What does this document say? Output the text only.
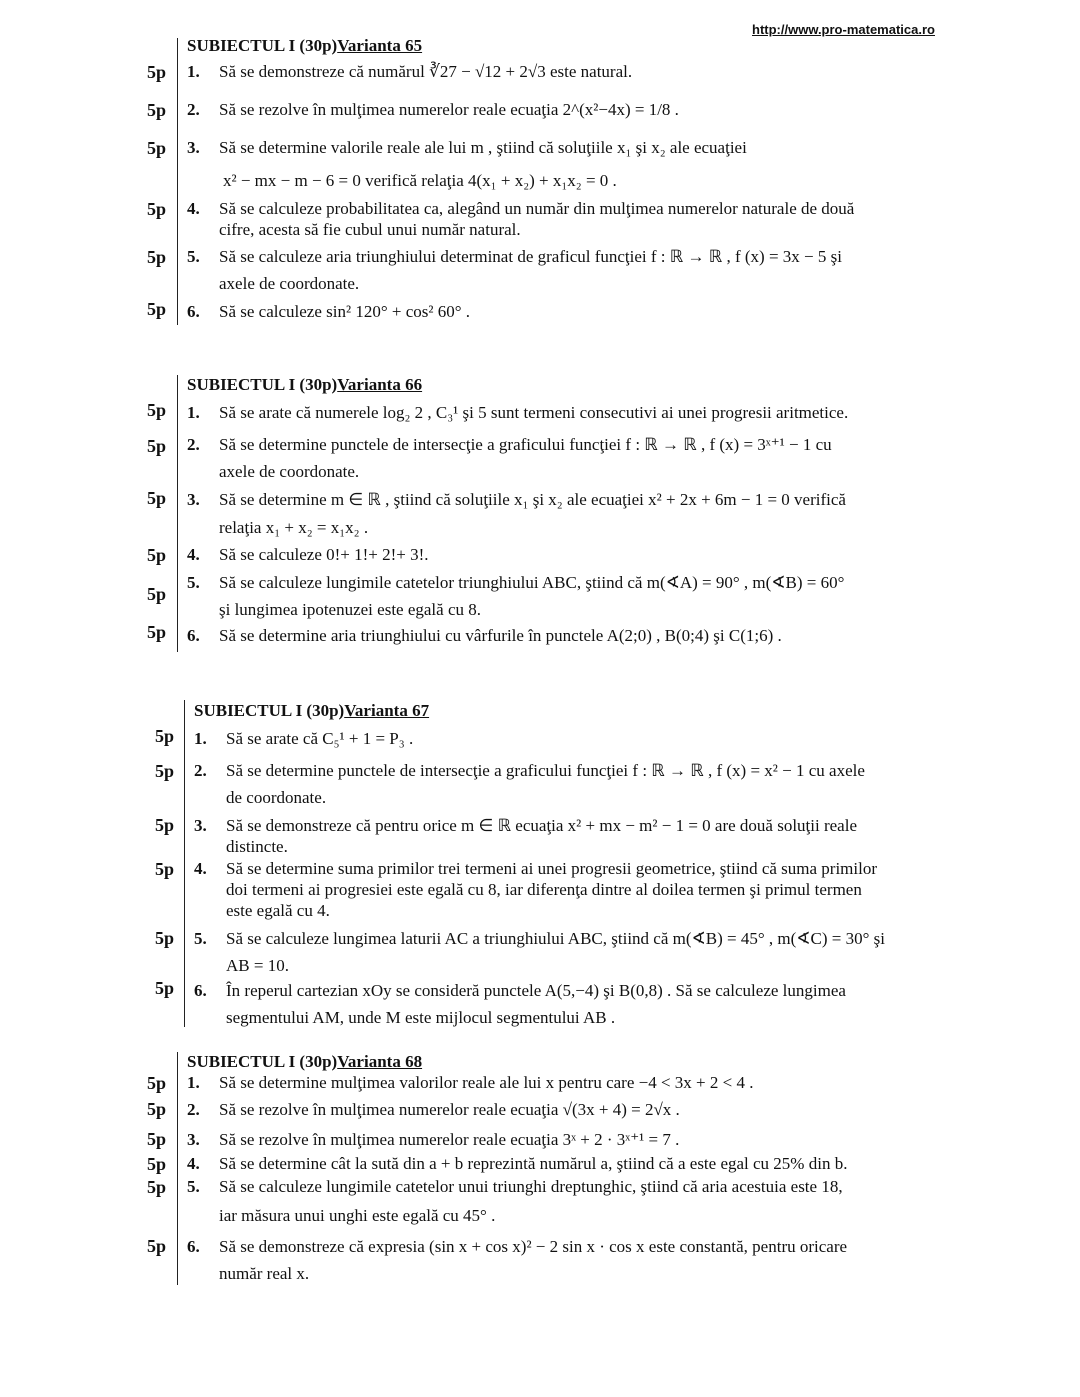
http://www.pro-matematica.ro
SUBIECTUL I (30p)Varianta 65
5p 1. Să se demonstreze că numărul ∛27 − √12 + 2√3 este natural.
5p 2. Să se rezolve în mulţimea numerelor reale ecuaţia 2^(x²−4x) = 1/8 .
5p 3. Să se determine valorile reale ale lui m , ştiind că soluţiile x₁ şi x₂ ale ecuaţiei
x² − mx − m − 6 = 0 verifică relaţia 4(x₁ + x₂) + x₁x₂ = 0 .
5p 4. Să se calculeze probabilitatea ca, alegând un număr din mulţimea numerelor naturale de două
cifre, acesta să fie cubul unui număr natural.
5p 5. Să se calculeze aria triunghiului determinat de graficul funcţiei f : ℝ → ℝ , f (x) = 3x − 5 şi
axele de coordonate.
5p 6. Să se calculeze sin² 120° + cos² 60° .
SUBIECTUL I (30p)Varianta 66
5p 1. Să se arate că numerele log₂ 2 , C₃¹ şi 5 sunt termeni consecutivi ai unei progresii aritmetice.
5p 2. Să se determine punctele de intersecţie a graficului funcţiei f : ℝ → ℝ , f (x) = 3ˣ⁺¹ − 1 cu
axele de coordonate.
5p 3. Să se determine m ∈ ℝ , ştiind că soluţiile x₁ şi x₂ ale ecuaţiei x² + 2x + 6m − 1 = 0 verifică
relaţia x₁ + x₂ = x₁x₂ .
5p 4. Să se calculeze 0!+ 1!+ 2!+ 3!.
5p
5. Să se calculeze lungimile catetelor triunghiului ABC, ştiind că m(∢A) = 90° , m(∢B) = 60°
şi lungimea ipotenuzei este egală cu 8.
5p 6. Să se determine aria triunghiului cu vârfurile în punctele A(2;0) , B(0;4) şi C(1;6) .
SUBIECTUL I (30p)Varianta 67
5p 1. Să se arate că C₅¹ + 1 = P₃ .
5p 2. Să se determine punctele de intersecţie a graficului funcţiei f : ℝ → ℝ , f (x) = x² − 1 cu axele
de coordonate.
5p 3. Să se demonstreze că pentru orice m ∈ ℝ ecuaţia x² + mx − m² − 1 = 0 are două soluţii reale
distincte.
5p 4. Să se determine suma primilor trei termeni ai unei progresii geometrice, ştiind că suma primilor
doi termeni ai progresiei este egală cu 8, iar diferenţa dintre al doilea termen şi primul termen
este egală cu 4.
5p 5. Să se calculeze lungimea laturii AC a triunghiului ABC, ştiind că m(∢B) = 45° , m(∢C) = 30° şi
AB = 10.
5p 6. În reperul cartezian xOy se consideră punctele A(5,−4) şi B(0,8) . Să se calculeze lungimea
segmentului AM, unde M este mijlocul segmentului AB .
SUBIECTUL I (30p)Varianta 68
5p 1. Să se determine mulţimea valorilor reale ale lui x pentru care −4 < 3x + 2 < 4 .
5p 2. Să se rezolve în mulţimea numerelor reale ecuaţia √(3x + 4) = 2√x .
5p 3. Să se rezolve în mulţimea numerelor reale ecuaţia 3ˣ + 2 · 3ˣ⁺¹ = 7 .
5p 4. Să se determine cât la sută din a + b reprezintă numărul a, ştiind că a este egal cu 25% din b.
5p 5. Să se calculeze lungimile catetelor unui triunghi dreptunghic, ştiind că aria acestuia este 18,
iar măsura unui unghi este egală cu 45° .
5p 6. Să se demonstreze că expresia (sin x + cos x)² − 2 sin x · cos x este constantă, pentru oricare
număr real x.
